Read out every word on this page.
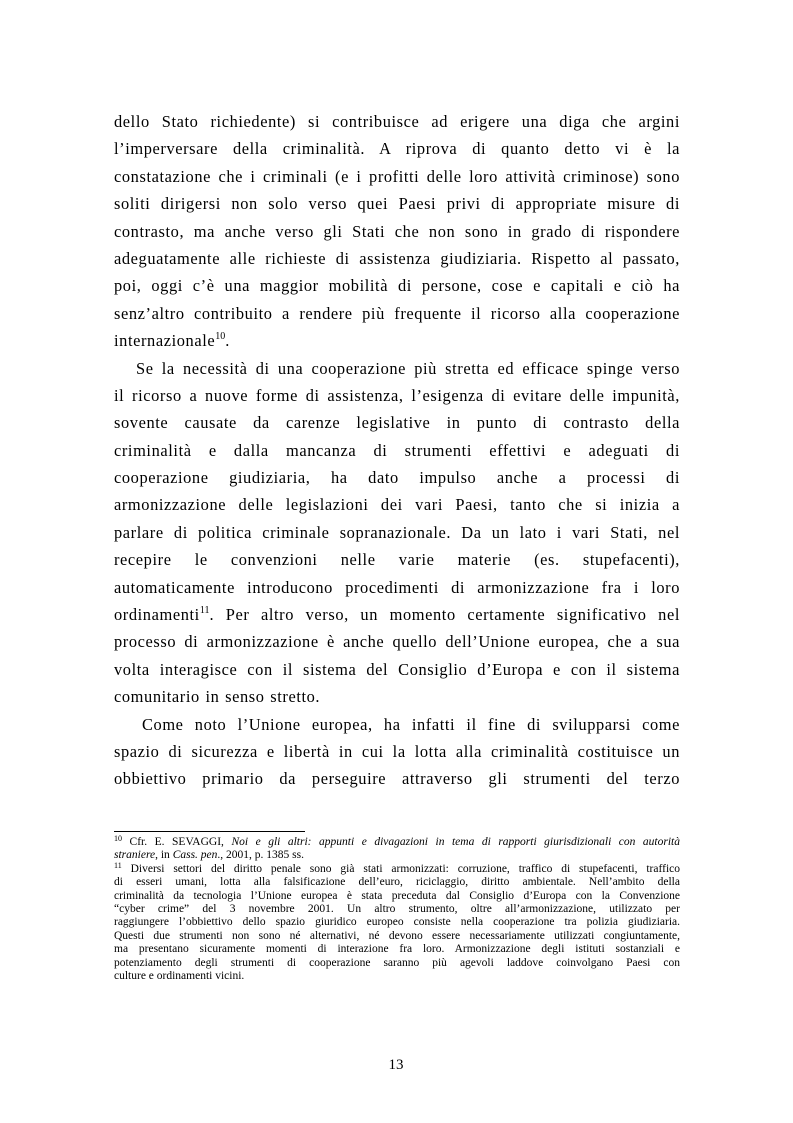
dello Stato richiedente) si contribuisce ad erigere una diga che argini
l’imperversare della criminalità. A riprova di quanto detto vi è la
constatazione che i criminali (e i profitti delle loro attività criminose) sono
soliti dirigersi non solo verso quei Paesi privi di appropriate misure di
contrasto, ma anche verso gli Stati che non sono in grado di rispondere
adeguatamente alle richieste di assistenza giudiziaria. Rispetto al passato,
poi, oggi c’è una maggior mobilità di persone, cose e capitali e ciò ha
senz’altro contribuito a rendere più frequente il ricorso alla cooperazione
internazionale$^{10}$.
Se la necessità di una cooperazione più stretta ed efficace spinge verso
il ricorso a nuove forme di assistenza, l’esigenza di evitare delle impunità,
sovente causate da carenze legislative in punto di contrasto della
criminalità e dalla mancanza di strumenti effettivi e adeguati di
cooperazione giudiziaria, ha dato impulso anche a processi di
armonizzazione delle legislazioni dei vari Paesi, tanto che si inizia a
parlare di politica criminale sopranazionale. Da un lato i vari Stati, nel
recepire le convenzioni nelle varie materie (es. stupefacenti),
automaticamente introducono procedimenti di armonizzazione fra i loro
ordinamenti$^{11}$. Per altro verso, un momento certamente significativo nel
processo di armonizzazione è anche quello dell’Unione europea, che a sua
volta interagisce con il sistema del Consiglio d’Europa e con il sistema
comunitario in senso stretto.
Come noto l’Unione europea, ha infatti il fine di svilupparsi come
spazio di sicurezza e libertà in cui la lotta alla criminalità costituisce un
obbiettivo primario da perseguire attraverso gli strumenti del terzo
$^{10}$ Cfr. E. SEVAGGI, Noi e gli altri: appunti e divagazioni in tema di rapporti giurisdizionali con autorità
straniere, in Cass. pen., 2001, p. 1385 ss.
$^{11}$ Diversi settori del diritto penale sono già stati armonizzati: corruzione, traffico di stupefacenti, traffico
di esseri umani, lotta alla falsificazione dell’euro, riciclaggio, diritto ambientale. Nell’ambito della
criminalità da tecnologia l’Unione europea è stata preceduta dal Consiglio d’Europa con la Convenzione
“cyber crime” del 3 novembre 2001. Un altro strumento, oltre all’armonizzazione, utilizzato per
raggiungere l’obbiettivo dello spazio giuridico europeo consiste nella cooperazione tra polizia giudiziaria.
Questi due strumenti non sono né alternativi, né devono essere necessariamente utilizzati congiuntamente,
ma presentano sicuramente momenti di interazione fra loro. Armonizzazione degli istituti sostanziali e
potenziamento degli strumenti di cooperazione saranno più agevoli laddove coinvolgano Paesi con
culture e ordinamenti vicini.
13
